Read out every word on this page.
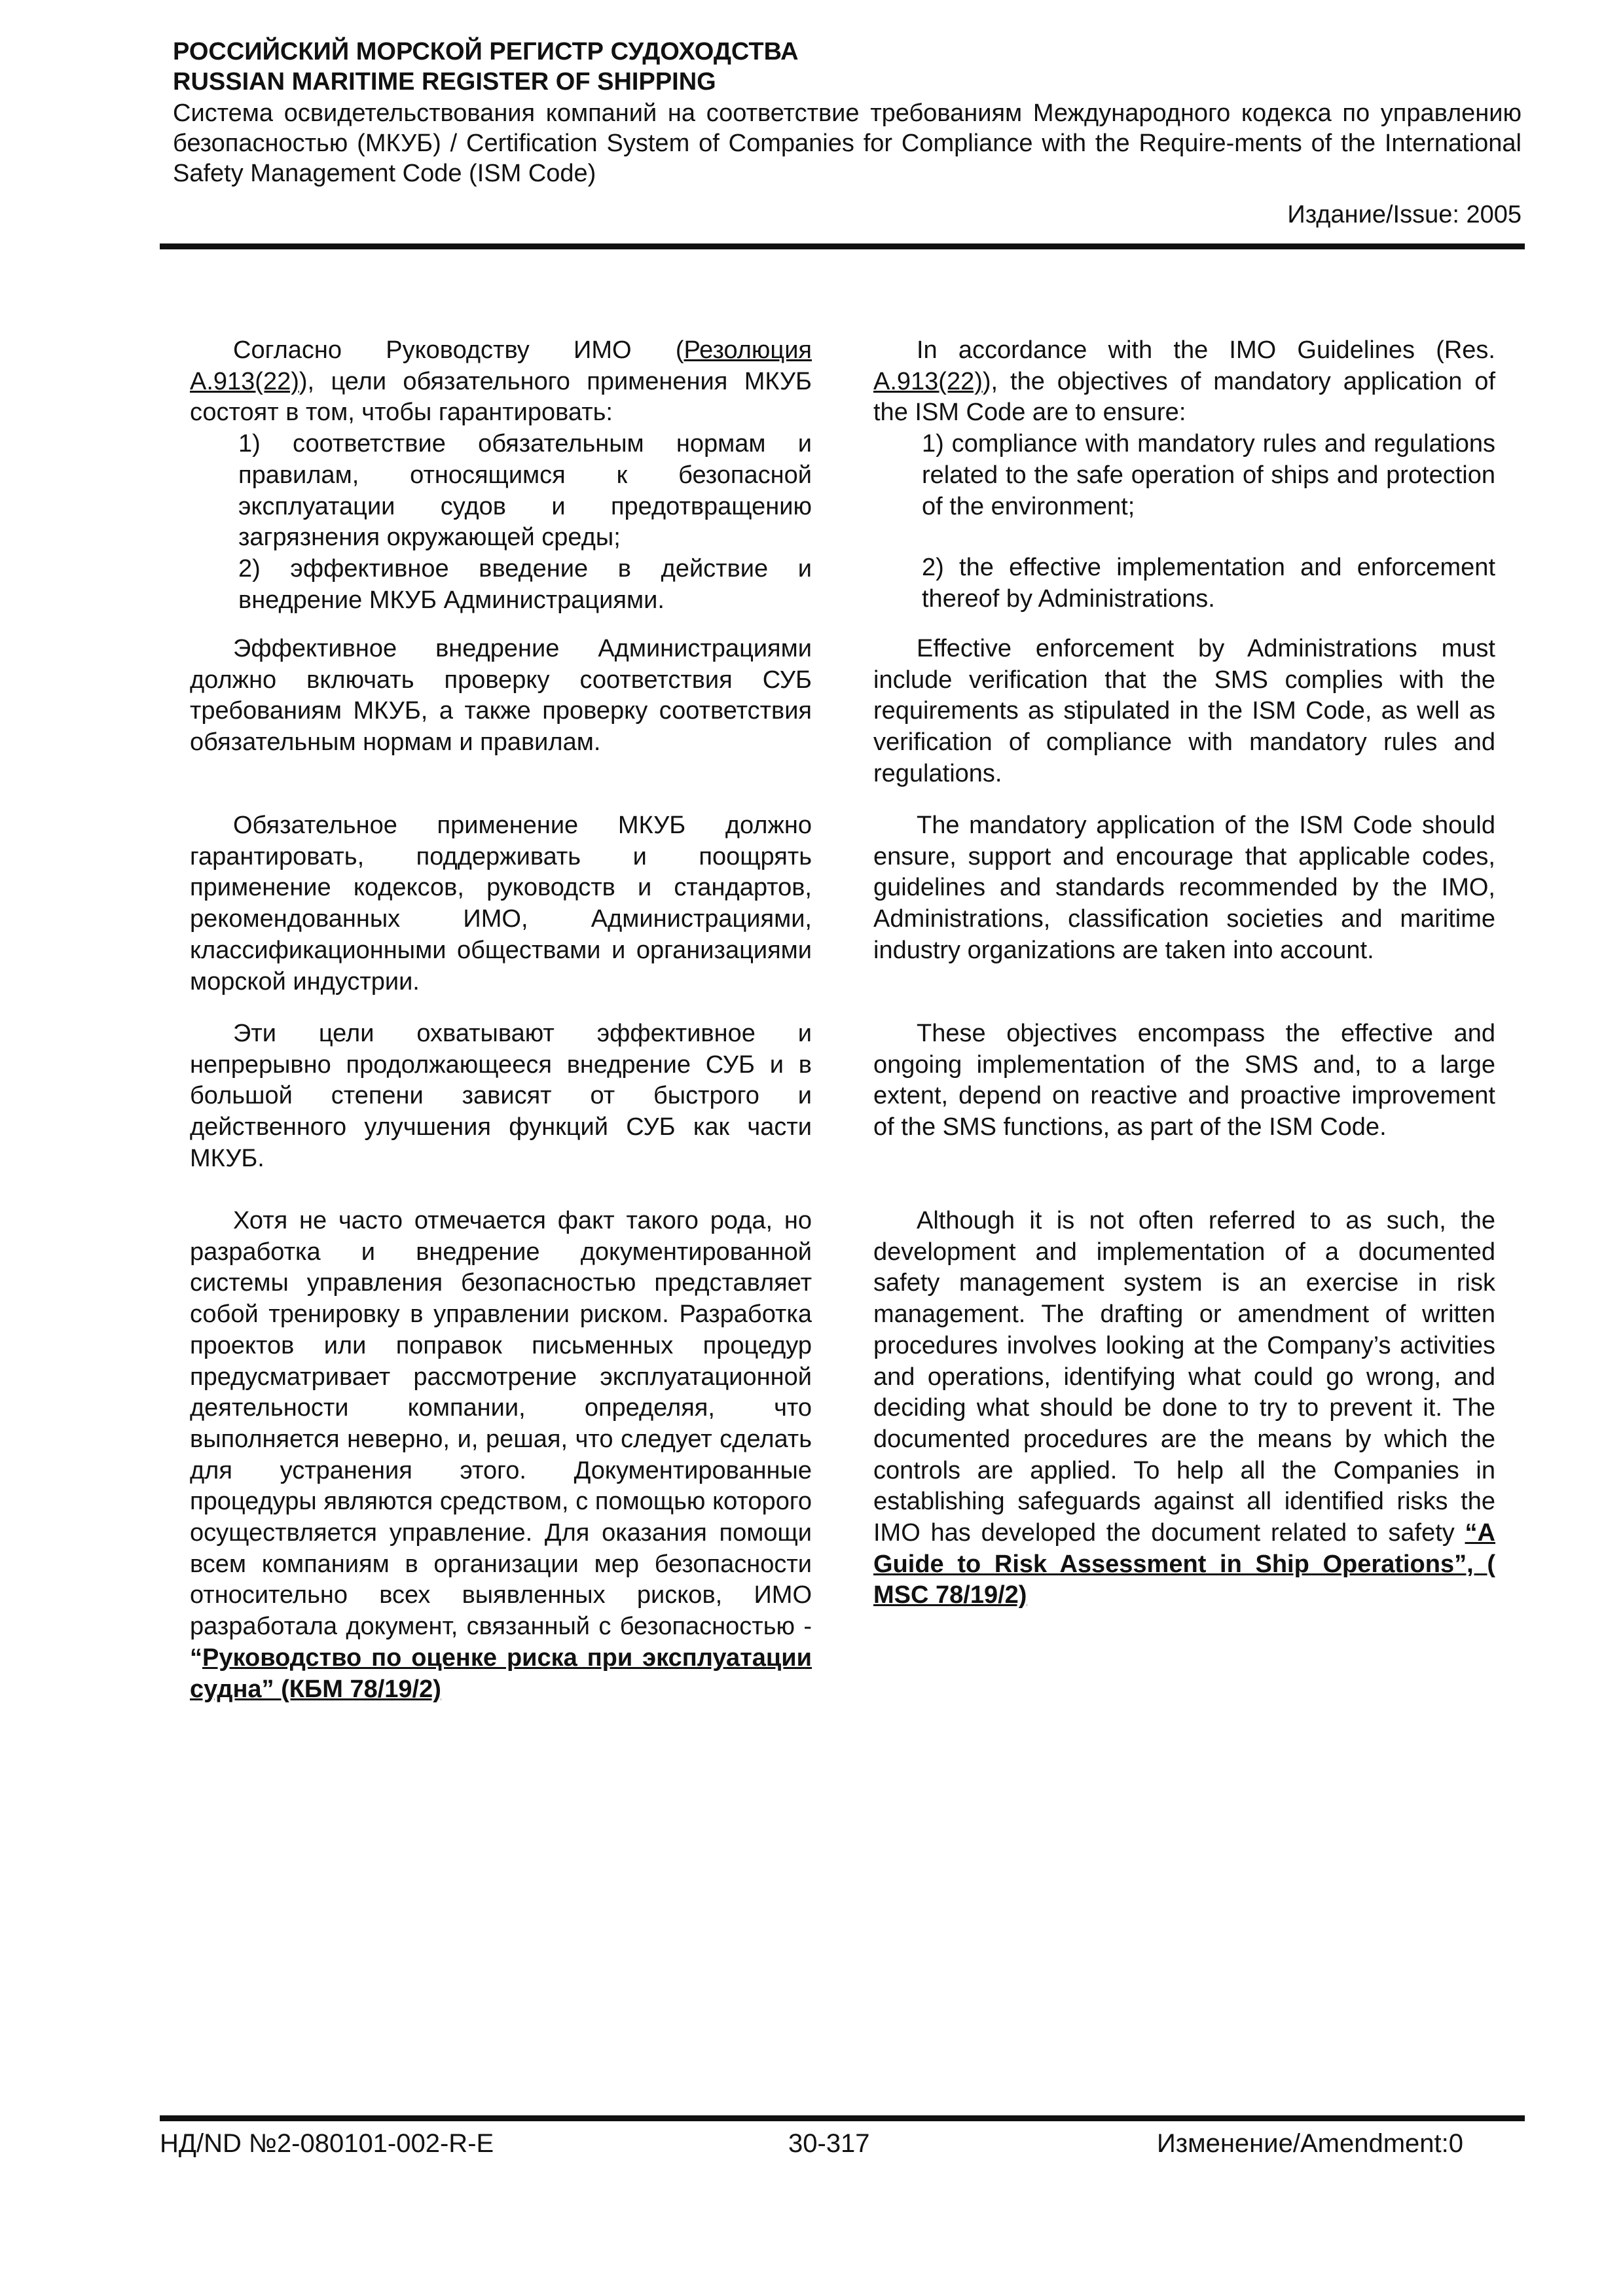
РОССИЙСКИЙ МОРСКОЙ РЕГИСТР СУДОХОДСТВА
RUSSIAN MARITIME REGISTER OF SHIPPING
Система освидетельствования компаний на соответствие требованиям Международного кодекса по управлению безопасностью (МКУБ) / Certification System of Companies for Compliance with the Require-ments of the International Safety Management Code (ISM Code)
Издание/Issue: 2005

Согласно Руководству ИМО (Резолюция А.913(22)), цели обязательного применения МКУБ состоят в том, чтобы гарантировать:

1) соответствие обязательным нормам и правилам, относящимся к безопасной эксплуатации судов и предотвращению загрязнения окружающей среды;
2) эффективное введение в действие и внедрение МКУБ Администрациями.

Эффективное внедрение Администрациями должно включать проверку соответствия СУБ требованиям МКУБ, а также проверку соответствия обязательным нормам и правилам.

Обязательное применение МКУБ должно гарантировать, поддерживать и поощрять применение кодексов, руководств и стандартов, рекомендованных ИМО, Администрациями, классификационными обществами и организациями морской индустрии.

Эти цели охватывают эффективное и непрерывно продолжающееся внедрение СУБ и в большой степени зависят от быстрого и действенного улучшения функций СУБ как части МКУБ.

Хотя не часто отмечается факт такого рода, но разработка и внедрение документированной системы управления безопасностью представляет собой тренировку в управлении риском. Разработка проектов или поправок письменных процедур предусматривает рассмотрение эксплуатационной деятельности компании, определяя, что выполняется неверно, и, решая, что следует сделать для устранения этого. Документированные процедуры являются средством, с помощью которого осуществляется управление. Для оказания помощи всем компаниям в организации мер безопасности относительно всех выявленных рисков, ИМО разработала документ, связанный с безопасностью - “Руководство по оценке риска при эксплуатации судна” (КБМ 78/19/2)

In accordance with the IMO Guidelines (Res. A.913(22)), the objectives of mandatory application of the ISM Code are to ensure:

1) compliance with mandatory rules and regulations related to the safe operation of ships and protection of the environment;
2) the effective implementation and enforcement thereof by Administrations.

Effective enforcement by Administrations must include verification that the SMS complies with the requirements as stipulated in the ISM Code, as well as verification of compliance with mandatory rules and regulations.

The mandatory application of the ISM Code should ensure, support and encourage that applicable codes, guidelines and standards recommended by the IMO, Administrations, classification societies and maritime industry organizations are taken into account.

These objectives encompass the effective and ongoing implementation of the SMS and, to a large extent, depend on reactive and proactive improvement of the SMS functions, as part of the ISM Code.

Although it is not often referred to as such, the development and implementation of a documented safety management system is an exercise in risk management. The drafting or amendment of written procedures involves looking at the Company’s activities and operations, identifying what could go wrong, and deciding what should be done to try to prevent it. The documented procedures are the means by which the controls are applied. To help all the Companies in establishing safeguards against all identified risks the IMO has developed the document related to safety “A Guide to Risk Assessment in Ship Operations”, ( MSC 78/19/2)

НД/ND №2-080101-002-R-E	30-317	Изменение/Amendment:0
